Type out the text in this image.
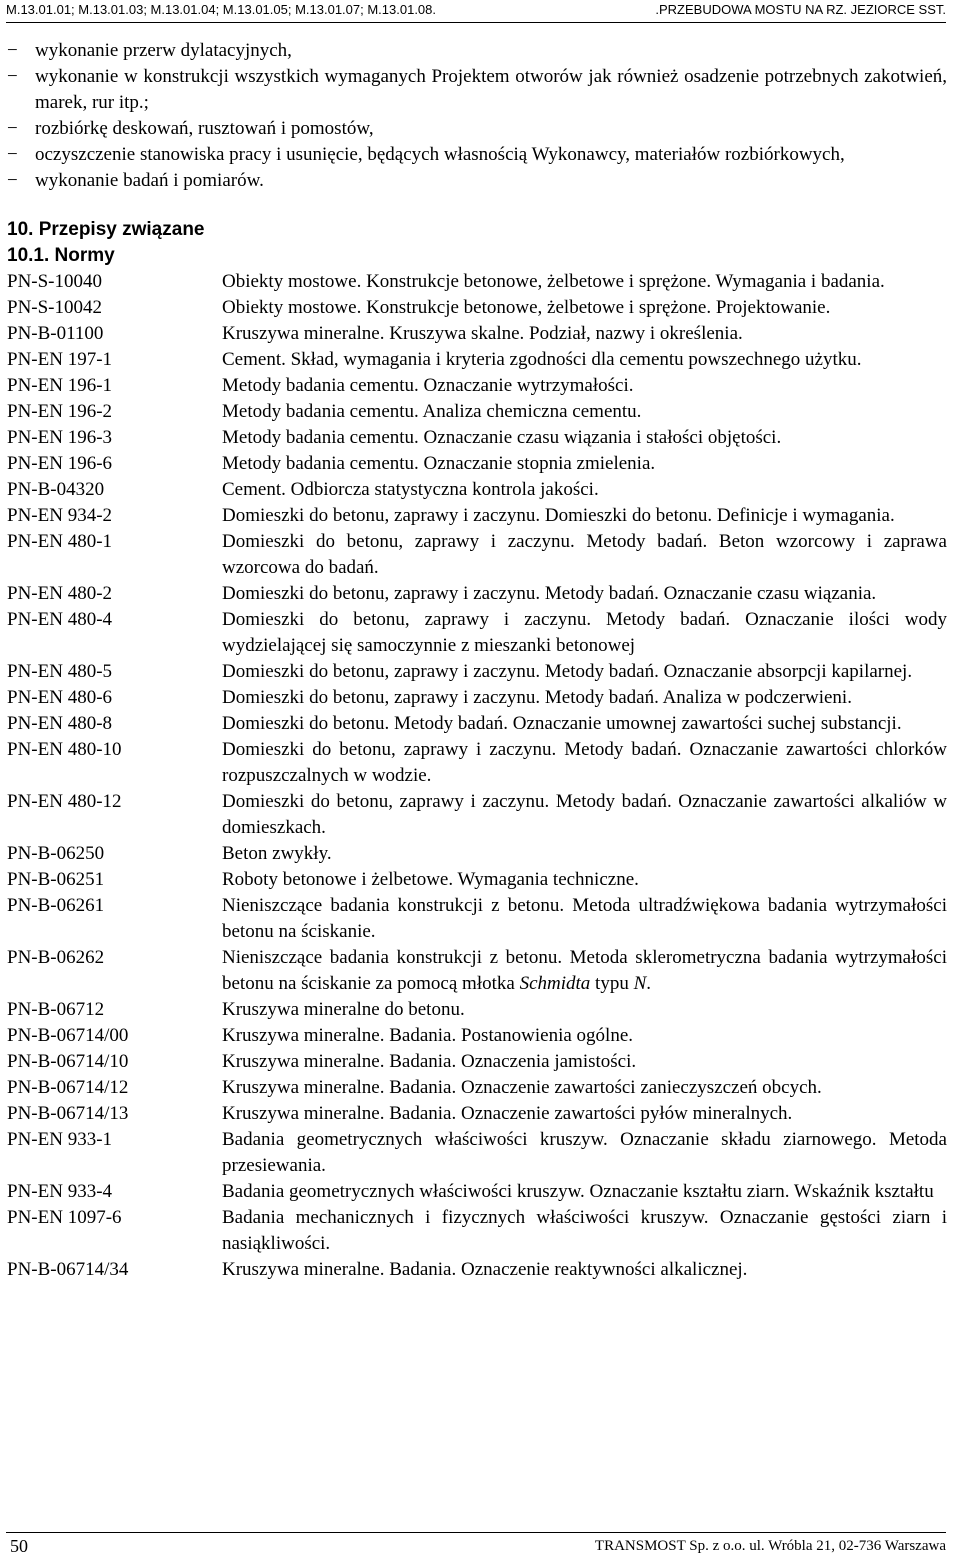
M.13.01.01; M.13.01.03; M.13.01.04; M.13.01.05; M.13.01.07; M.13.01.08.	.PRZEBUDOWA MOSTU NA RZ. JEZIORCE SST.
− wykonanie przerw dylatacyjnych,
− wykonanie w konstrukcji wszystkich wymaganych Projektem otworów jak również osadzenie potrzebnych zakotwień, marek, rur itp.;
− rozbiórkę deskowań, rusztowań i pomostów,
− oczyszczenie stanowiska pracy i usunięcie, będących własnością Wykonawcy, materiałów rozbiórkowych,
− wykonanie badań i pomiarów.
10. Przepisy związane
10.1. Normy
PN-S-10040	Obiekty mostowe. Konstrukcje betonowe, żelbetowe i sprężone. Wymagania i badania.
PN-S-10042	Obiekty mostowe. Konstrukcje betonowe, żelbetowe i sprężone. Projektowanie.
PN-B-01100	Kruszywa mineralne. Kruszywa skalne. Podział, nazwy i określenia.
PN-EN 197-1	Cement. Skład, wymagania i kryteria zgodności dla cementu powszechnego użytku.
PN-EN 196-1	Metody badania cementu. Oznaczanie wytrzymałości.
PN-EN 196-2	Metody badania cementu. Analiza chemiczna cementu.
PN-EN 196-3	Metody badania cementu. Oznaczanie czasu wiązania i stałości objętości.
PN-EN 196-6	Metody badania cementu. Oznaczanie stopnia zmielenia.
PN-B-04320	Cement. Odbiorcza statystyczna kontrola jakości.
PN-EN 934-2	Domieszki do betonu, zaprawy i zaczynu. Domieszki do betonu. Definicje i wymagania.
PN-EN 480-1	Domieszki do betonu, zaprawy i zaczynu. Metody badań. Beton wzorcowy i zaprawa wzorcowa do badań.
PN-EN 480-2	Domieszki do betonu, zaprawy i zaczynu. Metody badań. Oznaczanie czasu wiązania.
PN-EN 480-4	Domieszki do betonu, zaprawy i zaczynu. Metody badań. Oznaczanie ilości wody wydzielającej się samoczynnie z mieszanki betonowej
PN-EN 480-5	Domieszki do betonu, zaprawy i zaczynu. Metody badań. Oznaczanie absorpcji kapilarnej.
PN-EN 480-6	Domieszki do betonu, zaprawy i zaczynu. Metody badań. Analiza w podczerwieni.
PN-EN 480-8	Domieszki do betonu. Metody badań. Oznaczanie umownej zawartości suchej substancji.
PN-EN 480-10	Domieszki do betonu, zaprawy i zaczynu. Metody badań. Oznaczanie zawartości chlorków rozpuszczalnych w wodzie.
PN-EN 480-12	Domieszki do betonu, zaprawy i zaczynu. Metody badań. Oznaczanie zawartości alkaliów w domieszkach.
PN-B-06250	Beton zwykły.
PN-B-06251	Roboty betonowe i żelbetowe. Wymagania techniczne.
PN-B-06261	Nieniszczące badania konstrukcji z betonu. Metoda ultradźwiękowa badania wytrzymałości betonu na ściskanie.
PN-B-06262	Nieniszczące badania konstrukcji z betonu. Metoda sklerometryczna badania wytrzymałości betonu na ściskanie za pomocą młotka Schmidta typu N.
PN-B-06712	Kruszywa mineralne do betonu.
PN-B-06714/00	Kruszywa mineralne. Badania. Postanowienia ogólne.
PN-B-06714/10	Kruszywa mineralne. Badania. Oznaczenia jamistości.
PN-B-06714/12	Kruszywa mineralne. Badania. Oznaczenie zawartości zanieczyszczeń obcych.
PN-B-06714/13	Kruszywa mineralne. Badania. Oznaczenie zawartości pyłów mineralnych.
PN-EN 933-1	Badania geometrycznych właściwości kruszyw. Oznaczanie składu ziarnowego. Metoda przesiewania.
PN-EN 933-4	Badania geometrycznych właściwości kruszyw. Oznaczanie kształtu ziarn. Wskaźnik kształtu
PN-EN 1097-6	Badania mechanicznych i fizycznych właściwości kruszyw. Oznaczanie gęstości ziarn i nasiąkliwości.
PN-B-06714/34	Kruszywa mineralne. Badania. Oznaczenie reaktywności alkalicznej.
50	TRANSMOST Sp. z o.o. ul. Wróbla 21, 02-736 Warszawa
